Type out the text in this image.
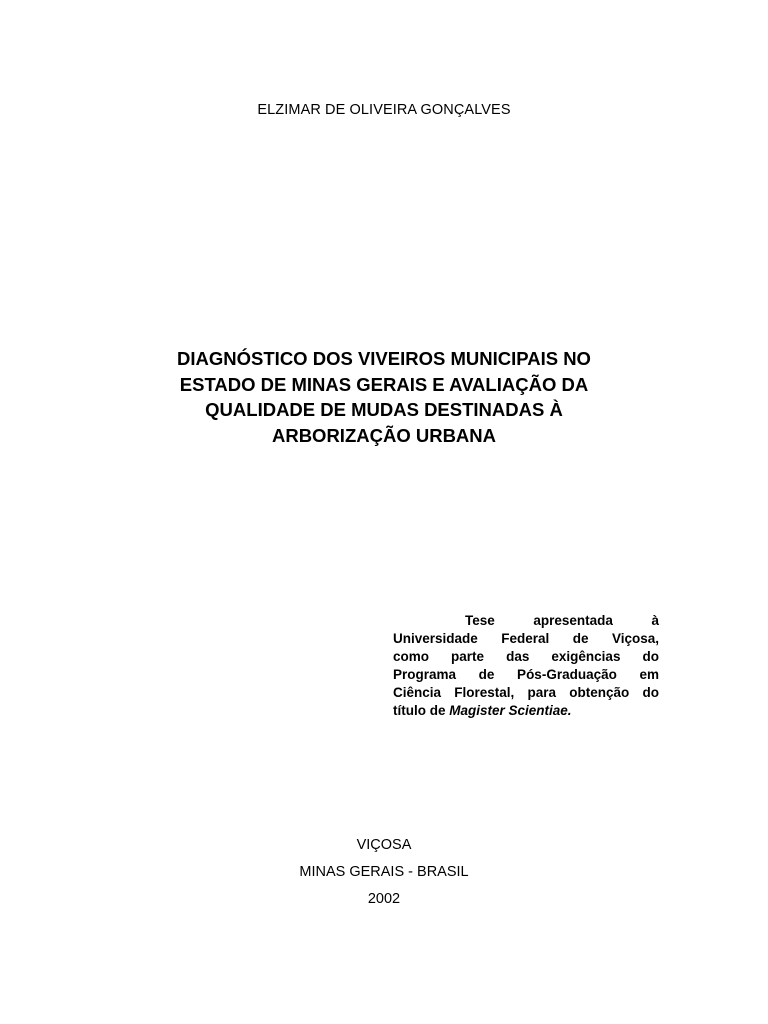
ELZIMAR DE OLIVEIRA GONÇALVES
DIAGNÓSTICO DOS VIVEIROS MUNICIPAIS NO
ESTADO DE MINAS GERAIS E AVALIAÇÃO DA
QUALIDADE DE MUDAS DESTINADAS À
ARBORIZAÇÃO URBANA
Tese apresentada à
Universidade Federal de Viçosa,
como parte das exigências do
Programa de Pós-Graduação em
Ciência Florestal, para obtenção do
título de Magister Scientiae.
VIÇOSA
MINAS GERAIS - BRASIL
2002
